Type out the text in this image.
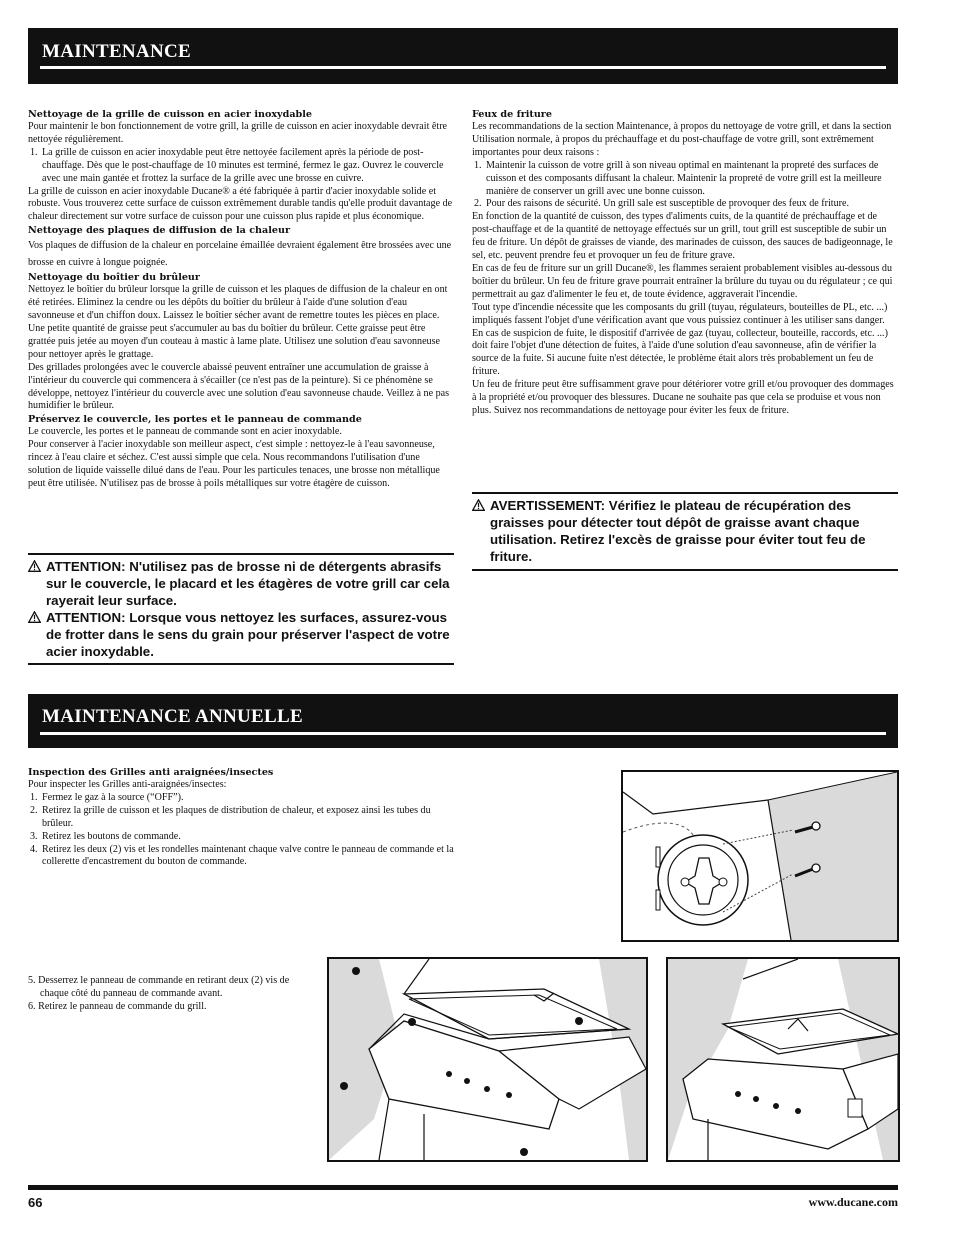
MAINTENANCE
Nettoyage de la grille de cuisson en acier inoxydable

Pour maintenir le bon fonctionnement de votre grill, la grille de cuisson en acier inoxydable devrait être nettoyée régulièrement.

1. La grille de cuisson en acier inoxydable peut être nettoyée facilement après la période de post-chauffage. Dès que le post-chauffage de 10 minutes est terminé, fermez le gaz. Ouvrez le couvercle avec une main gantée et frottez la surface de la grille avec une brosse en cuivre.

La grille de cuisson en acier inoxydable Ducane® a été fabriquée à partir d'acier inoxydable solide et robuste. Vous trouverez cette surface de cuisson extrêmement durable tandis qu'elle produit davantage de chaleur directement sur votre surface de cuisson pour une cuisson plus rapide et plus économique.

Nettoyage des plaques de diffusion de la chaleur

Vos plaques de diffusion de la chaleur en porcelaine émaillée devraient également être brossées avec une brosse en cuivre à longue poignée.

Nettoyage du boîtier du brûleur

Nettoyez le boîtier du brûleur lorsque la grille de cuisson et les plaques de diffusion de la chaleur en ont été retirées. Eliminez la cendre ou les dépôts du boîtier du brûleur à l'aide d'une solution d'eau savonneuse et d'un chiffon doux. Laissez le boîtier sécher avant de remettre toutes les pièces en place.

Une petite quantité de graisse peut s'accumuler au bas du boîtier du brûleur. Cette graisse peut être grattée puis jetée au moyen d'un couteau à mastic à lame plate. Utilisez une solution d'eau savonneuse pour nettoyer après le grattage.

Des grillades prolongées avec le couvercle abaissé peuvent entraîner une accumulation de graisse à l'intérieur du couvercle qui commencera à s'écailler (ce n'est pas de la peinture). Si ce phénomène se développe, nettoyez l'intérieur du couvercle avec une solution d'eau savonneuse chaude. Veillez à ne pas humidifier le brûleur.

Préservez le couvercle, les portes et le panneau de commande

Le couvercle, les portes et le panneau de commande sont en acier inoxydable.

Pour conserver à l'acier inoxydable son meilleur aspect, c'est simple : nettoyez-le à l'eau savonneuse, rincez à l'eau claire et séchez. C'est aussi simple que cela. Nous recommandons l'utilisation d'une solution de liquide vaisselle dilué dans de l'eau. Pour les particules tenaces, une brosse non métallique peut être utilisée. N'utilisez pas de brosse à poils métalliques sur votre étagère de cuisson.

ATTENTION: N'utilisez pas de brosse ni de détergents abrasifs sur le couvercle, le placard et les étagères de votre grill car cela rayerait leur surface.
ATTENTION: Lorsque vous nettoyez les surfaces, assurez-vous de frotter dans le sens du grain pour préserver l'aspect de votre acier inoxydable.
Feux de friture

Les recommandations de la section Maintenance, à propos du nettoyage de votre grill, et dans la section Utilisation normale, à propos du préchauffage et du post-chauffage de votre grill, sont extrêmement importantes pour deux raisons :

1. Maintenir la cuisson de votre grill à son niveau optimal en maintenant la propreté des surfaces de cuisson et des composants diffusant la chaleur. Maintenir la propreté de votre grill est la meilleure manière de conserver un grill avec une bonne cuisson.
2. Pour des raisons de sécurité. Un grill sale est susceptible de provoquer des feux de friture.

En fonction de la quantité de cuisson, des types d'aliments cuits, de la quantité de préchauffage et de post-chauffage et de la quantité de nettoyage effectués sur un grill, tout grill est susceptible de subir un feu de friture. Un dépôt de graisses de viande, des marinades de cuisson, des sauces de badigeonnage, le sel, etc. peuvent prendre feu et provoquer un feu de friture grave.

En cas de feu de friture sur un grill Ducane®, les flammes seraient probablement visibles au-dessous du boîtier du brûleur. Un feu de friture grave pourrait entraîner la brûlure du tuyau ou du régulateur ; ce qui permettrait au gaz d'alimenter le feu et, de toute évidence, aggraverait l'incendie.

Tout type d'incendie nécessite que les composants du grill (tuyau, régulateurs, bouteilles de PL, etc. ...) impliqués fassent l'objet d'une vérification avant que vous puissiez continuer à les utiliser sans danger. En cas de suspicion de fuite, le dispositif d'arrivée de gaz (tuyau, collecteur, bouteille, raccords, etc. ...) doit faire l'objet d'une détection de fuites, à l'aide d'une solution d'eau savonneuse, afin de vérifier la source de la fuite. Si aucune fuite n'est détectée, le problème était alors très probablement un feu de friture.

Un feu de friture peut être suffisamment grave pour détériorer votre grill et/ou provoquer des dommages à la propriété et/ou provoquer des blessures. Ducane ne souhaite pas que cela se produise et vous non plus. Suivez nos recommandations de nettoyage pour éviter les feux de friture.

AVERTISSEMENT: Vérifiez le plateau de récupération des graisses pour détecter tout dépôt de graisse avant chaque utilisation. Retirez l'excès de graisse pour éviter tout feu de friture.
MAINTENANCE ANNUELLE
Inspection des Grilles anti araignées/insectes

Pour inspecter les Grilles anti-araignées/insectes:

1. Fermez le gaz à la source (“OFF”).
2. Retirez la grille de cuisson et les plaques de distribution de chaleur, et exposez ainsi les tubes du brûleur.
3. Retirez les boutons de commande.
4. Retirez les deux (2) vis et les rondelles maintenant chaque valve contre le panneau de commande et la collerette d'encastrement du bouton de commande.

5. Desserrez le panneau de commande en retirant deux (2) vis de chaque côté du panneau de commande avant.

6. Retirez le panneau de commande du grill.

66	www.ducane.com
